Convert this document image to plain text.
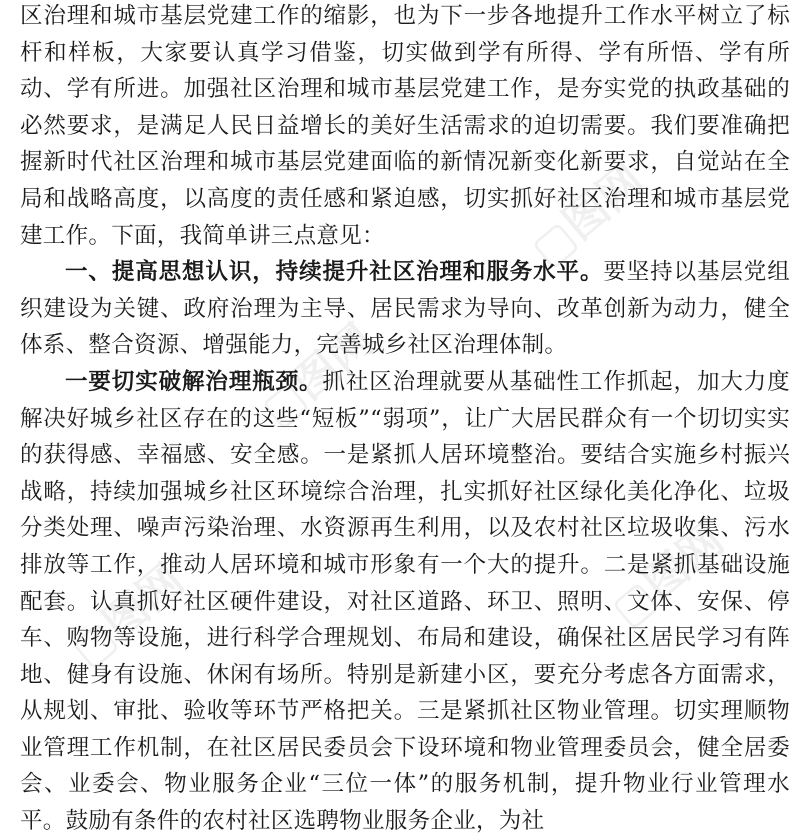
▢图网
▢图网
▢图网
▢图网

区治理和城市基层党建工作的缩影，也为下一步各地提升工作水平树立了标杆和样板，大家要认真学习借鉴，切实做到学有所得、学有所悟、学有所动、学有所进。加强社区治理和城市基层党建工作，是夯实党的执政基础的必然要求，是满足人民日益增长的美好生活需求的迫切需要。我们要准确把握新时代社区治理和城市基层党建面临的新情况新变化新要求，自觉站在全局和战略高度，以高度的责任感和紧迫感，切实抓好社区治理和城市基层党建工作。下面，我简单讲三点意见：

一、提高思想认识，持续提升社区治理和服务水平。要坚持以基层党组织建设为关键、政府治理为主导、居民需求为导向、改革创新为动力，健全体系、整合资源、增强能力，完善城乡社区治理体制。

一要切实破解治理瓶颈。抓社区治理就要从基础性工作抓起，加大力度解决好城乡社区存在的这些“短板”“弱项”，让广大居民群众有一个切切实实的获得感、幸福感、安全感。一是紧抓人居环境整治。要结合实施乡村振兴战略，持续加强城乡社区环境综合治理，扎实抓好社区绿化美化净化、垃圾分类处理、噪声污染治理、水资源再生利用，以及农村社区垃圾收集、污水排放等工作，推动人居环境和城市形象有一个大的提升。二是紧抓基础设施配套。认真抓好社区硬件建设，对社区道路、环卫、照明、文体、安保、停车、购物等设施，进行科学合理规划、布局和建设，确保社区居民学习有阵地、健身有设施、休闲有场所。特别是新建小区，要充分考虑各方面需求，从规划、审批、验收等环节严格把关。三是紧抓社区物业管理。切实理顺物业管理工作机制，在社区居民委员会下设环境和物业管理委员会，健全居委会、业委会、物业服务企业“三位一体”的服务机制，提升物业行业管理水平。鼓励有条件的农村社区选聘物业服务企业，为社
